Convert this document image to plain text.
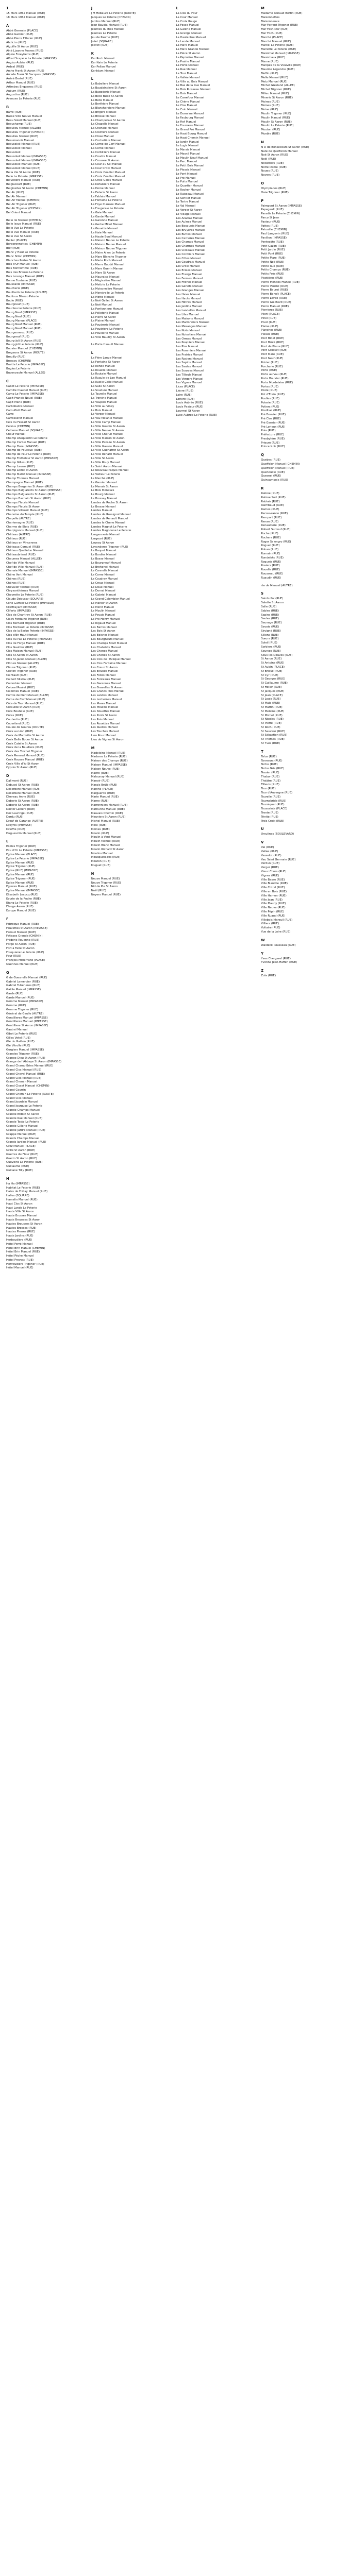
1
15 Mars 1962 Manuel (RUE)
18 Mars 1962 Manuel (RUE)
A
Abbé Germain (PLACE)
Abbé Garnier (RUE)
Abbé Pierre Fillerier (RUE)
Abdicim (RUE)
Aiguille St Aaron (RUE)
Ainé Lizanne Pesnes (RUE)
Alpine Froeyberre (RUE)
Alfred Scapelle La Peterie (IMPASSE)
Angiso Aubier (RUE)
Ardeal (RUE)
Arche Frank St Aaron (RUE)
Arcade Frank St Sacques (IMPASSE)
Arrivé Bertel (RUE)
Arthur Manuel (RUE)
Artimbec Enquenec (RUE)
Auburn (RUE)
Augustins (RUE)
Avenues Le Peterie (RUE)
B
Barre (RUE)
Basse Ville Neuve Manuel
Beau Soleil Manuel (RUE)
Beauchamp (RUE)
Beaulieu Manuel (ALLEE)
Beaulieu Trigoner (CHEMIN)
Beaulieu Manuel (RUE)
Beaumanoir Manuel
Beausoleil Manuel (RUE)
Beausoleil Manuel
Beausoleil
Beausoleil Manuel (IMPASSE)
Beausoleil Manuel (IMPASSE)
Beausoleil manuel (RUE)
Beausoleil Manuel (RUE)
Bella Vie St Aaron (RUE)
Belle Le Peterie (IMPASSE)
Belvédère Manuel (RUE)
Belgiacourt (RUE)
Belgiosites St Aaron (CHEMIN)
Bel Air (RUE)
Bel Air Manuel
Bel Air Manuel (CHEMIN)
Bel Air Trigoner (RUE)
Bel Air Trigoner (CHEMIN)
Bel Orient Manuel
Belle Ile Manuel (CHEMIN)
Belle Issue Manuel (RUE)
Belle Vue Le Peterie
Belle Vue Manuel (RUE)
Belle Vue St Aaron
Bellier (PLACE)
Bergeronnettes (CHEMIN)
Bief (RUE)
Blanc y Haut Le Peterie
Blanc Sillon (CHEMIN)
Blanches Portes St Aaron
Blés d'Or Manuel (RUE)
Bois Bonhomme (RUE)
Bois des Brieres Le Peterie
Bois Lorenge Manuel (RUE)
Bonne Fontaine (RUE)
Bouscaille (IMPASSE)
Boucherie (RUE)
Bouillards Le Peterie (ROUTE)
Boulious Blanco Peterie
Boule (RUE)
Bourgneuf (RUE)
Bourlieu Le Peterie (RUE)
Bourg Neuf (IMPASSE)
Bourg Neuf (RUE)
Bourg Manuel (PLACE)
Bourg Neuf Manuel (RUE)
Bourg Neuf Manuel (RUE)
Bourgeoneux (RUE)
Bourgneuf (RUE)
Bourg-Joli St Aaron (RUE)
Bourg-Joli Le Peterie (RUE)
Bouvier Manuel (CHEMIN)
Bregeons St Aaron (ROUTE)
Breuilly (RUE)
Brossay (CHEMIN)
Buette Le Peterie (IMPASSE)
Bugles Le Peterie
Bucenvaufe Manuel (ALLEE)
C
Cabot Le Peterie (IMPASSE)
Camille Claudel Manuel (RUE)
Camp Le Peterie (IMPASSE)
Capit Francis Nouel (RUE)
Capit Marie (RUE)
Carbobalics Manuel
Carouffeit Manuel
Carre
Carrosseret Manuel
Cels du Fessart St Aaron
Celsius (CHEMIN)
Celteme Manuel (SQUARE)
Chauf Manuel
Champ Ansquentin Le Peterie
Champ Corbin Manuel (RUE)
Champ Dore (IMPASSE)
Champ de Foucaux (RUE)
Champ de Peur Le Peterie (RUE)
Champ Fretteleur St Aaron (IMPASSE)
Champ Gilles (RUE)
Champ Lauras (RUE)
Champ Loirot St Aaron
Champ Mallet Manuel (IMPASSE)
Champ Thomas Manuel
Champagne Manuel (RUE)
Champs Bergeries St Aaron (RUE)
Champs Balgiarects St Aaron (IMPASSE)
Champs Balgiarects St Aaron (RUE)
Champs Bachain St Aaron (RUE)
Champs Fleuris Manuel
Champs Fleuris St Aaron
Champs Villeroit Manuel (RUE)
Chanoine du Temple (RUE)
Chapelle (AUTRE)
Charlemagne (RUE)
Charme de Blois (RUE)
Charpignons Manuel (RUE)
Château (AUTRE)
Châteux (RUE)
Châteux en Vincennes
Chêteaux Cornuel (RUE)
Châteux Queffelon Manuel
Châteaubriand (RUE)
Chaumes Manuel (ALLEE)
Chef de Ville Manuel
Chef de Ville Manuel (RUE)
Chenaie Manuel (IMPASSE)
Chêne Vert Manuel
Chênes (RUE)
Chênes (RUE)
Chevalier Manuel (RUE)
Chrysanthèmes Manuel
Chevrette Le Peterie (RUE)
Claude Debussy (SQUARE)
Cliné Garnier Le Peterie (IMPASSE)
Clieffrayant (IMPASSE)
Cliferts (IMPASSE)
Clos de Chantray St Aaron (RUE)
Clairs Fontaine Trigoner (RUE)
Clos Bernard Trigoner (RUE)
Clos Bordault Le Peterie (IMPASSE)
Clos de la Barbe Peterie (IMPASSE)
Clos d'En Haut Manuel
Clos du Pas Le Peterie (IMPASSE)
Clos de Forge Manuel (RUE)
Clos Gauttier (RUE)
Clos Maison Manuel (RUE)
Clos St Aaron St Aaron
Clos St-Jacob Manuel (ALLEE)
Clôture Manuel (ALLEE)
Cléuse Trigoner (RUE)
Coëtlin Trigoner (RUE)
Cointault (RUE)
Colbert Mistral (RUE)
Colombier Manuel
Colonel Roulet (RUE)
Colonnes Manuel (RUE)
Comte de Pierl Manuel (ALLEE)
Corne de Cerf Manuel (RUE)
Côte de Tour Manuel (RUE)
Côtaulde St Aaron (RUE)
Côte Boutelle (RUE)
Côtes (RUE)
Coubertin (RUE)
Couerfand (RUE)
Coulée de Gourau (ROUTE)
Croix au Lion (RUE)
Croix de Mordeille St Aaron
Croix Belle Bouer St Aaron
Croix Catelle St Aaron
Croix de la Baudiere (RUE)
Croix des Trochet Trigoner
Croix Renaud Manuel (RUE)
Croix Rousse Manuel (RUE)
Croix Ville d'Yo St Aaron
Cyprès St Aaron (RUE)
D
Dalimont (RUE)
Debussi St Aaron (RUE)
Dellerbere Manuel (RUE)
Dellerbere Manuel (RUE)
Dhereau Anne (RUE)
Doberie St Aaron (RUE)
Doberie St Aaron (RUE)
Doctor Leclerc (RUE)
Doc Lauringe (RUE)
Dordu (RUE)
Dreuf de Garance (AUTRE)
Dreyfils (IMPASSE)
Drieffie (RUE)
Duguesclin Manuel (RUE)
E
Ecoles Trigoner (RUE)
Ecu d'Or Le Peterie (IMPASSE)
Eglise Manuel (PLACE)
Eglise Le Peterie (IMPASSE)
Eglise Manuel (RUE)
Eglise Trigoner (RUE)
Eglise (RUE) (IMPASSE)
Eglise Manuel (RUE)
Eglise Trigoner (RUE)
Eglise Manuel (RUE)
Egleves Manuel (RUE)
Eglise Manuel (IMPASSE)
Elisabeth Lecocq (RUE)
Ecurie de la Roche (RUE)
Etang Le Peterie (RUE)
Eleuge Aaron (RUE)
Europe Manuel (RUE)
F
Fabreque Manuel (RUE)
Fauvettes St Aaron (IMPASSE)
Fenouil Manuel (RUE)
Fetisses Grande (CHEMIN)
Frédéric Rouenne (RUE)
Forge St Aaron (RUE)
Fort à Faire St Aaron
Fouquiane Le Peterie (RUE)
Four (RUE)
François Mitterrand (PLACE)
Guennes Manuel (RUE)
G
G de Guesnelle Manuel (RUE)
Gabriel Lemercier (RUE)
Gabriel Tuberieres (RUE)
Gaillie Manuel (IMPASSE)
Garde (RUE)
Garde Manuel (RUE)
Gemme Manuel (IMPASSE)
Gemme (RUE)
Gemme Trigoner (RUE)
Général de Gaulle (AUTRE)
Gendilleres Manuel (IMPASSE)
Gendilleres Manuel (IMPASSE)
Gentilliere St Aaron (IMPASSE)
Gautrel Manuel
Gibet Le Peterie (RUE)
Gilles Vetel (RUE)
Glé du Gaillon (RUE)
Glé Vitrolle (RUE)
Gorgiers Manuel (IMPASSE)
Grandes Trigoner (RUE)
Grange Dieu St Aaron (RUE)
Grange de l'Abbaye St Aaron (IMPASSE)
Grand Champ Brins Manuel (RUE)
Grand Clos Manuel (RUE)
Grand Cheval Manuel (RUE)
Grand Clos Manuel (RUE)
Grand Chemin Manuel
Grand Closet Manuel (CHEMIN)
Grand Courrin
Grand Chemin Le Peterie (ROUTE)
Grand Clos Manuel
Grand Jourdain Manuel
Grand Jourguse Le Peterie
Grande Champs Manuel
Grande Erdoin St Aaron
Grande Rue Manuel (RUE)
Grande Teste Le Peterie
Grande Gillerie Manuel
Grande Jardre Manuel (RUE)
Grappe Manuel (RUE)
Grands Champs Manuel
Grands Jardins Manuel (RUE)
Grez Manuel (PLACE)
Grille St Aaron (RUE)
Guerres du Fleur (RUE)
Guérin St Aaron (RUE)
Guéveins Le Peterie (RUE)
Guillaume (RUE)
Guiliane Tilly (RUE)
H
Ha Ha (IMPASSE)
Habitat Le Peterie (RUE)
Haies de Frétay Manuel (RUE)
Halles (SQUARE)
Hamelin Manuel (RUE)
Haut Clos St Aaron
Haut Lande Le Peterie
Haute Ville St Aaron
Haute Brosses Manuel
Hauts Brousses St Aaron
Hautes Brousses St Aaron
Hautes Brosses (RUE)
Hautes Pierres (RUE)
Hauts Jardins (RUE)
Herbaudière (RUE)
Hôtel Ferré Manuel
Hôtel Brin Manuel (CHEMIN)
Hôtel Brin Manuel (RUE)
Hôtel Pêche Manuel
Hôtel Prevost (RUE)
Hervoudière Trigoner (RUE)
Hôtel Manuel (RUE)
J
J M Hebauzé Le Peterie (ROUTE)
Jacques Le Peterie (CHEMIN)
Jardins Manuel (RUE)
Jean Baudia Manuel (RUE)
Jeannes du Bois Manuel
Jeannes Le Peterie
Jeu de Paume (RUE)
Joliet (SQUARE)
Jolivet (RUE)
K
Ker Roch Manuel
Ker Nain Le Peterie
Ker Pellan Manuel
Kerlidum Manuel
L
La Babeliere Manuel
La Baudaindière St Aaron
La Bagoderie Manuel
La Belle Buee St Aaron
La Belle Manuel
La Berthiere Manuel
La Blanchardiere Manuel
La Brigere Manuel
La Brosse Manuel
La Champeraie St Aaron
La Chapelle Manuel
La Chenaie Manuel
La Clochere Manuel
La Close Manuel
La Cochetière Manuel
La Corne de Cerf Manuel
La Corne Manuel
La Corbillière Manuel
La Coudre Manuel
La Crousee St Aaron
La Cour au Sel Manuel
La Cour Croix Manuel
La Croix Coallier Manuel
La Croix Coallier Manuel
La Croix Gilles Manuel
La Defaisiere Manuel
La Dome Manuel
La Dolerie St Aaron
La Fablais Manuel
La Fontaine Le Peterie
La Foye Clausee Manuel
La Fougeraie Le Peterie
La Gaie Manuel
La Garde Manuel
La Garenne Manuel
La Gerbe Millet Manuel
La Gonette Manuel
La Haie Manuel
La Haute Boul Manuel
La Maison Neuve Le Peterie
La Maison Neuve Manuel
La Maison Neuve Trigoner
La Maire Allen Le Peterie
La Mare Blanche Trigoner
La Marie Roch Manuel
La Marre Baudri Manuel
La Mare Guérin Manuel
La Mare St Aaron
La Mauvaise Manuel
La Mégissière Manuel
La Mettrie Le Peterie
La Moisonnière Manuel
La Monstrelle Le Peterie
La Motte Manuel
La Noë Gallet St Aaron
La Noë Manuel
La Ponfonnière Manuel
La Pelloterie Manuel
La Pierre St Aaron
La Plaine Manuel
La Poudrerie Manuel
La Poudrière Le Peterie
La Pouillerie Manuel
La Ville Baudry St Aaron
Le Porte Hinault Manuel
L
La Fière Lange Manuel
La Fontaine St Aaron
Le Ronde Manuel
La Rouelle Manuel
La Routaie Manuel
La Ruaule de Loe Manuel
La Ruelle Colle Manuel
La Salle St Aaron
La Soudure Manuel
La Tourelle Manuel
La Tronche Manuel
Le Vaupois Manuel
La Ville au Vinay
Le Bois Manuel
Le Verger Manuel
Le Vau Melanie Manuel
La Ville Camp Manuel
La Ville Goubin St Aaron
La Ville Neuve St Aaron
La Ville Cherun Manuel
La Ville Maison St Aaron
La Ville Pensée St Aaron
La Ville Gaulou Manuel
La Ville Guenatrot St Aaron
La Ville Renard Manuel
La Ville St Aaron
La Ville Rouy Manuel
Le Saint Aaron Manuel
Le Nouveau Paquis Manuel
Le Vallieur Le Peterie
Le Marché (RUE)
Le Garnier Manuel
Le Menais St Aaron
Le Bois Monalais
Le Bourg Manuel
Le Brossay Manuel
Landes de Roche St Aaron
Le Brosse Manuel
Landes Manuel
Landes de Rossignol Manuel
Landes de Renault Manuel
Landes le Chene Manuel
Landes Magnot Le Peterie
Landes Magnoune Le Peterie
Langennerie Manuel
Largeurt (RUE)
Launay St Aaron
Lavanderes Trigoner (RUE)
Le Baquet Manuel
Le Bordier Manuel
Le Bosse Manuel
Le Bourgneuf Manuel
Le Brehonel Manuel
Le Cannelle Manuel
Le Corne Manuel
Le Coudray Manuel
Le Creux Manuel
Le Deux Manuel
Le Dorval Manuel
Le Gabriel Manuel
Le Grand Colombier Manuel
Le Manoir St Aaron
Le Menir Manuel
Le Moulin Manuel
Le Pavais Manuel
Le Pré Henry Manuel
Le Rigaud Manuel
Les Barres Manuel
Les Bois St Aaron
Les Boisnes Manuel
Les Bourgneufs Manuel
Les Champs Boult Manuel
Les Chatelets Manuel
Les Chenes Manuel
Les Chênes St Aaron
Les Clos de l'Evêque Manuel
Les Clos Fontaine Manuel
Les Creux St Aaron
Les Ecluses Manuel
Les Folies Manuel
Les Fontaines Manuel
Les Garennes Manuel
Les Gravelles St Aaron
Les Grands Prés Manuel
Les Landes Manuel
Les Lechernes Manuel
Les Mares Manuel
Les Moulins Manuel
Les Nouettes Manuel
Les Ponts St Aaron
Les Prés Manuel
Les Rouettes Manuel
Les Ruelles Manuel
Les Touches Manuel
Lieu Roux Manuel
Lieu de Vignes St Aaron
M
Madeleine Manuel (RUE)
Madame La Peterie (RUE)
Maison des Champs (RUE)
Maison Manuel (IMPASSE)
Maison Neuve (RUE)
Maître (RUE)
Malaunay Manuel (RUE)
Manoir (RUE)
Marais Brûlé (RUE)
Marché (PLACE)
Marguerite (RUE)
Marie Manuel (RUE)
Marne (RUE)
Marronniers Manuel (RUE)
Mathurins Manuel (RUE)
Mauvais Chemin (RUE)
Meuniers St Aaron (RUE)
Michel Manuel (RUE)
Mine (RUE)
Moines (RUE)
Moulin (RUE)
Moulin à Vent Manuel
Moulin Manuel (RUE)
Moulin Blanc Manuel
Moulin Richard St Aaron
Moulins Manuel
Mousquetaires (RUE)
Mouton (RUE)
Muguet (RUE)
N
Neuve Manuel (RUE)
Neuve Trigoner (RUE)
Nid de Pie St Aaron
Noël (RUE)
Noyers Manuel (RUE)
L
La Clos du Four
La Cour Manuel
La Croix Rouge
La Fosse Manuel
La Galerie Manuel
La Grange Manuel
La Haute Rue Manuel
La Lande Manuel
La Mare Manuel
La Mare Grande Manuel
La Piéce St Aaron
La Pépinière Manuel
La Prairie Manuel
La Porte Manuel
La Rue Manuel
La Tour Manuel
La Vallée Manuel
La Ville au Bois Manuel
Le Bas de la Rue Manuel
Le Bois Ruisseau Manuel
Le Bois Manuel
Le Carrefour Manuel
Le Chêne Manuel
Le Clos Manuel
Le Coin Manuel
Le Domaine Manuel
Le Faubourg Manuel
Le Fief Manuel
Le Fourneau Manuel
Le Grand Pré Manuel
Le Haut Bourg Manuel
Le Haut Chemin Manuel
Le Jardin Manuel
Le Logis Manuel
Le Marais Manuel
Le Mesnil Manuel
Le Moulin Neuf Manuel
Le Parc Manuel
Le Petit Bois Manuel
Le Plessis Manuel
Le Pont Manuel
Le Pré Manuel
Le Puits Manuel
Le Quartier Manuel
Le Rocher Manuel
Le Ruisseau Manuel
Le Sentier Manuel
Le Tertre Manuel
Le Val Manuel
Le Verger St Aaron
Le Village Manuel
Les Acacias Manuel
Les Aulnes Manuel
Les Bosquets Manuel
Les Bruyères Manuel
Les Buttes Manuel
Les Carrières Manuel
Les Champs Manuel
Les Charmes Manuel
Les Closeaux Manuel
Les Cormiers Manuel
Les Côtes Manuel
Les Coudrais Manuel
Les Croix Manuel
Les Écoles Manuel
Les Étangs Manuel
Les Fermes Manuel
Les Friches Manuel
Les Genêts Manuel
Les Granges Manuel
Les Haies Manuel
Les Hauts Manuel
Les Hêtres Manuel
Les Jardins Manuel
Les Landelles Manuel
Les Lilas Manuel
Les Maisons Manuel
Les Marronniers Manuel
Les Mésanges Manuel
Les Noës Manuel
Les Noisetiers Manuel
Les Ormes Manuel
Les Peupliers Manuel
Les Pins Manuel
Les Pommiers Manuel
Les Prairies Manuel
Les Rosiers Manuel
Les Sapins Manuel
Les Saules Manuel
Les Sources Manuel
Les Tilleuls Manuel
Les Vergers Manuel
Les Vignes Manuel
Lices (PLACE)
Lièvre (RUE)
Loire (RUE)
Lorient (RUE)
Louis Aubrée (RUE)
Louis Pasteur (RUE)
Lourmel St Aaron
Luce Aubrée Le Peterie (RUE)
M
Madame Ronaud Bertin (RUE)
Maisonnettes
Maisonneuve
Mar Ferrant Trigoner (RUE)
Mar Fesh Mar (RUE)
Mar Foch (RUE)
Marché (PLACE)
Marché Manuel (RUE)
Marcel Le Peterie (RUE)
Mariette Le Peterie (RUE)
Maréchal Manuel (IMPASSE)
Maréchaux (RUE)
Marne (RUE)
Marquis de la Vieuville (RUE)
Maurice Legendre (RUE)
Meflin (RUE)
Melle Manuel (RUE)
Metz Manuel (RUE)
Michel Gresland (ALLEE)
Michel Trigoner (RUE)
Milieu Manuel (RUE)
Minerie St Aaron (RUE)
Moines (RUE)
Moines (RUE)
Moine (RUE)
Moulin Trigoner (RUE)
Moulin Manuel (RUE)
Moulin St Aaron (RUE)
Moulin Le Peterie (RUE)
Mouton (RUE)
Mueble (RUE)
N
N D de Bonsecours St Aaron (RUE)
Nate de Quefferon Manuel
Noë St Aaron (RUE)
Noël (RUE)
Noisetiers (RUE)
Notre Dame (RUE)
Noues (RUE)
Noyers (RUE)
O
Olympiades (RUE)
Orée Trigoner (RUE)
P
Paimpont St Aaron (IMPASSE)
Papegault (RUE)
Paradis Le Peterie (CHEMIN)
Parco St Jean
Pasteur (RUE)
Pattes (RUE)
Patouille (CHEMIN)
Paul Langevin (RUE)
Pavillon (IMPASSE)
Pentecôte (RUE)
Petit Gazon (RUE)
Petit Jardin (RUE)
Petit Pont (RUE)
Petite Mare (RUE)
Petite Noë (RUE)
Petite Rue (RUE)
Petits Champs (RUE)
Petits Prés (RUE)
Picotières (RUE)
Pierre Mendès France (RUE)
Pierre Vendel (RUE)
Pierre Baurot (RUE)
Pierre Benoît (PLACE)
Pierre Levée (RUE)
Pierre Guichard (RUE)
Pierre Manuel (RUE)
Pierrières (RUE)
Pilori (PLACE)
Pinel (RUE)
Pivot (RUE)
Plaine (RUE)
Planches (RUE)
Plessis (RUE)
Pont Bidet (RUE)
Pont Brûlé (RUE)
Pont de Pierre (RUE)
Pont Grosset (RUE)
Pont Mare (RUE)
Pont Neuf (RUE)
Poirier (RUE)
Porcherie (RUE)
Porte (RUE)
Porte au Vau (RUE)
Porte Bouvier (RUE)
Porte Mordelaise (RUE)
Portes (RUE)
Poste (RUE)
Pot d'Étain (RUE)
Poulies (RUE)
Poterie (RUE)
Potiers (RUE)
Pouilliac (RUE)
Pré Bouvier (RUE)
Pré Clos (RUE)
Pré Garnier (RUE)
Pré Lorieux (RUE)
Prés (RUE)
Préfecture (RUE)
Presbytère (RUE)
Prieuré (RUE)
Prince Noir (RUE)
Q
Quebec (RUE)
Queffelon Manuel (CHEMIN)
Queffelon Manuel (RUE)
Quenouille (RUE)
Quesnel (RUE)
Quincampoix (RUE)
R
Rabine (RUE)
Rabine Sud (RUE)
Rablais (RUE)
Raimbaud (RUE)
Rames (RUE)
Recouvrance (RUE)
Rempart (RUE)
Renan (RUE)
Renaudière (RUE)
Robert Surcouf (RUE)
Roche (RUE)
Rochers (RUE)
Roger Salengro (RUE)
Roguer (RUE)
Rohan (RUE)
Romain (RUE)
Rondelets (RUE)
Roquets (RUE)
Rosiers (RUE)
Rouelle (RUE)
Rousseau (RUE)
Ruaudin (RUE)
rte de Manuel (AUTRE)
S
Saints Pol (RUE)
Salette St Aaron
Salle (RUE)
Sables (RUE)
Sapins (RUE)
Saules (RUE)
Sauvage (RUE)
Savoie (RUE)
Sèvigné (RUE)
Sillons (RUE)
Sœurs (RUE)
Soleil (RUE)
Sorbiers (RUE)
Sources (RUE)
Sous les Douves (RUE)
St Aaron (RUE)
St Antoine (RUE)
St Aubin (PLACE)
St Brieuc (RUE)
St Cyr (RUE)
St Georges (RUE)
St Guillaume (RUE)
St Hélier (RUE)
St Jacques (RUE)
St Jean (PLACE)
St Louis (RUE)
St Malo (RUE)
St Martin (RUE)
St Melaine (RUE)
St Michel (RUE)
St Nicolas (RUE)
St Pierre (RUE)
St Roch (RUE)
St Sauveur (RUE)
St Sébastien (RUE)
St Thomas (RUE)
St Yves (RUE)
T
Talus (RUE)
Tanneurs (RUE)
Tertre (RUE)
Tertre Gris (RUE)
Tessier (RUE)
Thabor (RUE)
Théâtre (RUE)
Tilleuls (RUE)
Tour (RUE)
Tour d'Auvergne (RUE)
Tourelle (RUE)
Tournebride (RUE)
Tourniquet (RUE)
Toussaints (PLACE)
Trente (RUE)
Trinité (RUE)
Trois Croix (RUE)
U
Ursulines (BOULEVARD)
V
Val (RUE)
Vallée (RUE)
Vasselot (RUE)
Vau Saint Germain (RUE)
Verdun (RUE)
Verger (RUE)
Vieux Cours (RUE)
Vignes (RUE)
Ville Basse (RUE)
Ville Blanche (RUE)
Ville Cotrel (RUE)
Ville en Bois (RUE)
Ville Hamon (RUE)
Ville Jean (RUE)
Ville Mauny (RUE)
Ville Neuve (RUE)
Ville Pépin (RUE)
Ville Ruaud (RUE)
Villebois Mareuil (RUE)
Villiers (RUE)
Voltaire (RUE)
Vue de la Loire (RUE)
W
Waldeck Rousseau (RUE)
Y
Yves Chergarel (RUE)
Yvonne Jean-Haffen (RUE)
Z
Zola (RUE)
